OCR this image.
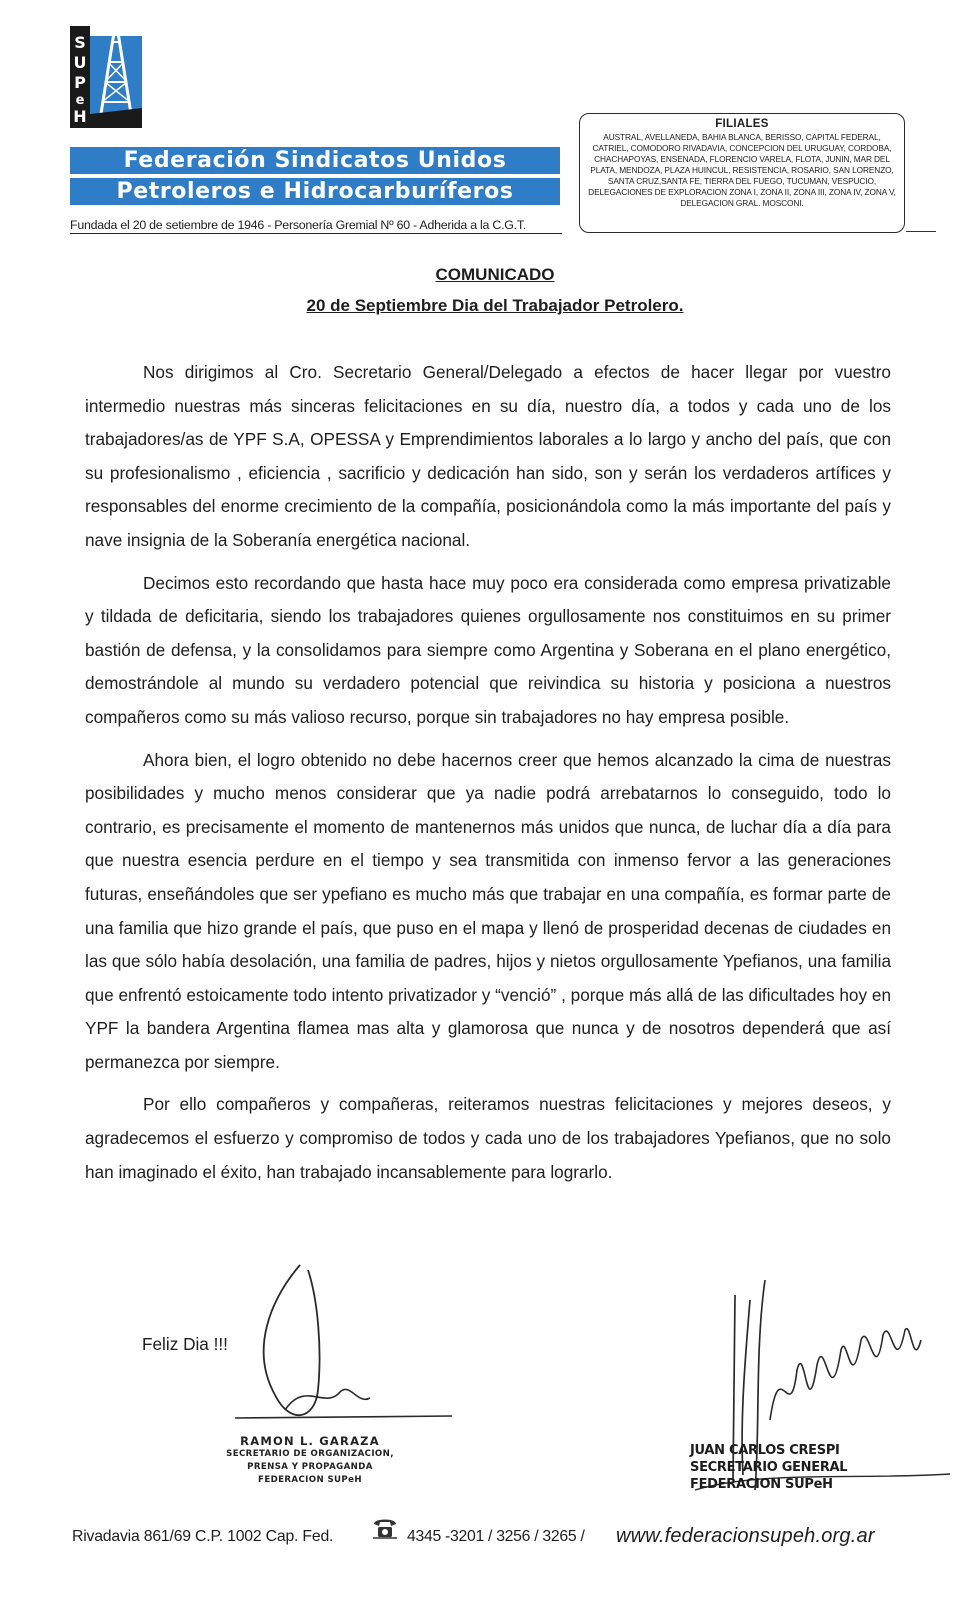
S
U
P
e
H
Federación Sindicatos Unidos
Petroleros e Hidrocarburíferos
Fundada el 20 de setiembre de 1946 - Personería Gremial Nº 60 - Adherida a la C.G.T.
FILIALES
AUSTRAL, AVELLANEDA, BAHIA BLANCA, BERISSO, CAPITAL FEDERAL, CATRIEL, COMODORO RIVADAVIA, CONCEPCION DEL URUGUAY, CORDOBA, CHACHAPOYAS, ENSENADA, FLORENCIO VARELA, FLOTA, JUNIN, MAR DEL PLATA, MENDOZA, PLAZA HUINCUL, RESISTENCIA, ROSARIO, SAN LORENZO, SANTA CRUZ,SANTA FE, TIERRA DEL FUEGO, TUCUMAN, VESPUCIO, DELEGACIONES DE EXPLORACION ZONA I, ZONA II, ZONA III, ZONA IV, ZONA V, DELEGACION GRAL. MOSCONI.
COMUNICADO
20 de Septiembre Dia del Trabajador Petrolero.

Nos dirigimos al Cro. Secretario General/Delegado a efectos de hacer llegar por vuestro intermedio nuestras más sinceras felicitaciones en su día, nuestro día, a todos y cada uno de los trabajadores/as de YPF S.A, OPESSA y Emprendimientos laborales a lo largo y ancho del país, que con su profesionalismo , eficiencia , sacrificio y dedicación han sido, son y serán los verdaderos artífices y responsables del enorme crecimiento de la compañía, posicionándola como la más importante del país y nave insignia de la Soberanía energética nacional.

Decimos esto recordando que hasta hace muy poco era considerada como empresa privatizable y tildada de deficitaria, siendo los trabajadores quienes orgullosamente nos constituimos en su primer bastión de defensa, y la consolidamos para siempre como Argentina y Soberana en el plano energético, demostrándole al mundo su verdadero potencial que reivindica su historia y posiciona a nuestros compañeros como su más valioso recurso, porque sin trabajadores no hay empresa posible.

Ahora bien, el logro obtenido no debe hacernos creer que hemos alcanzado la cima de nuestras posibilidades y mucho menos considerar que ya nadie podrá arrebatarnos lo conseguido, todo lo contrario, es precisamente el momento de mantenernos más unidos que nunca, de luchar día a día para que nuestra esencia perdure en el tiempo y sea transmitida con inmenso fervor a las generaciones futuras, enseñándoles que ser ypefiano es mucho más que trabajar en una compañía, es formar parte de una familia que hizo grande el país, que puso en el mapa y llenó de prosperidad decenas de ciudades en las que sólo había desolación, una familia de padres, hijos y nietos orgullosamente Ypefianos, una familia que enfrentó estoicamente todo intento privatizador y “venció” , porque más allá de las dificultades hoy en YPF la bandera Argentina flamea mas alta y glamorosa que nunca y de nosotros dependerá que así permanezca por siempre.

Por ello compañeros y compañeras, reiteramos nuestras felicitaciones y mejores deseos, y agradecemos el esfuerzo y compromiso de todos y cada uno de los trabajadores Ypefianos, que no solo han imaginado el éxito, han trabajado incansablemente para lograrlo.

Feliz Dia !!!
RAMON L. GARAZA
SECRETARIO DE ORGANIZACION,
PRENSA Y PROPAGANDA
FEDERACION SUPeH
JUAN CARLOS CRESPI
SECRETARIO GENERAL
FEDERACION SUPeH
Rivadavia 861/69 C.P. 1002 Cap. Fed.	4345 -3201 / 3256 / 3265 / www.federacionsupeh.org.ar
